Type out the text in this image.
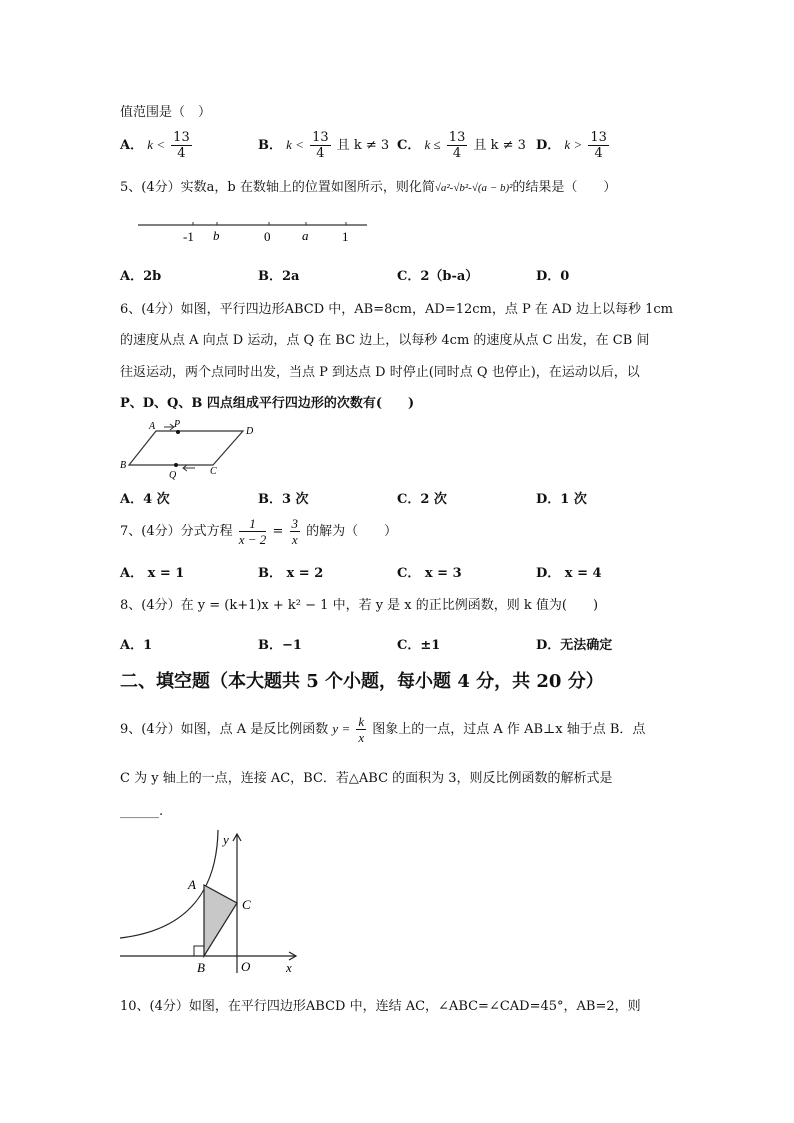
值范围是（　）
A． $k < \frac{13}{4}$	B． $k < \frac{13}{4}$ 且 k ≠ 3 C． $k \le \frac{13}{4}$ 且 k ≠ 3 D． $k > \frac{13}{4}$
5、(4分）实数a，b 在数轴上的位置如图所示，则化简√a²-√b²-√(a − b)²的结果是（　　）
-1 b	0 a	1
A．2b	B．2a	C．2（b-a）	D．0
6、(4分）如图，平行四边形ABCD 中，AB=8cm，AD=12cm，点 P 在 AD 边上以每秒 1cm
的速度从点 A 向点 D 运动，点 Q 在 BC 边上，以每秒 4cm 的速度从点 C 出发，在 CB 间
往返运动，两个点同时出发，当点 P 到达点 D 时停止(同时点 Q 也停止)，在运动以后，以
P、D、Q、B 四点组成平行四边形的次数有(　　)
A P
D
B
Q	C
A．4 次	B．3 次	C．2 次	D．1 次
7、(4分）分式方程 $\frac{1}{x - 2} = \frac{3}{x}$ 的解为（　　）
A． x = 1	B． x = 2	C． x = 3	D． x = 4
8、(4分）在 y = (k+1)x + k² − 1 中，若 y 是 x 的正比例函数，则 k 值为(　　)
A．1	B．−1	C．±1	D．无法确定
二、填空题（本大题共 5 个小题，每小题 4 分，共 20 分）
9、(4分）如图，点 A 是反比例函数 $y = \frac{k}{x}$ 图象上的一点，过点 A 作 AB⊥x 轴于点 B．点
C 为 y 轴上的一点，连接 AC，BC．若△ABC 的面积为 3，则反比例函数的解析式是
______.
y
A
C
B	O	x
10、(4分）如图，在平行四边形ABCD 中，连结 AC，∠ABC=∠CAD=45°，AB=2，则
